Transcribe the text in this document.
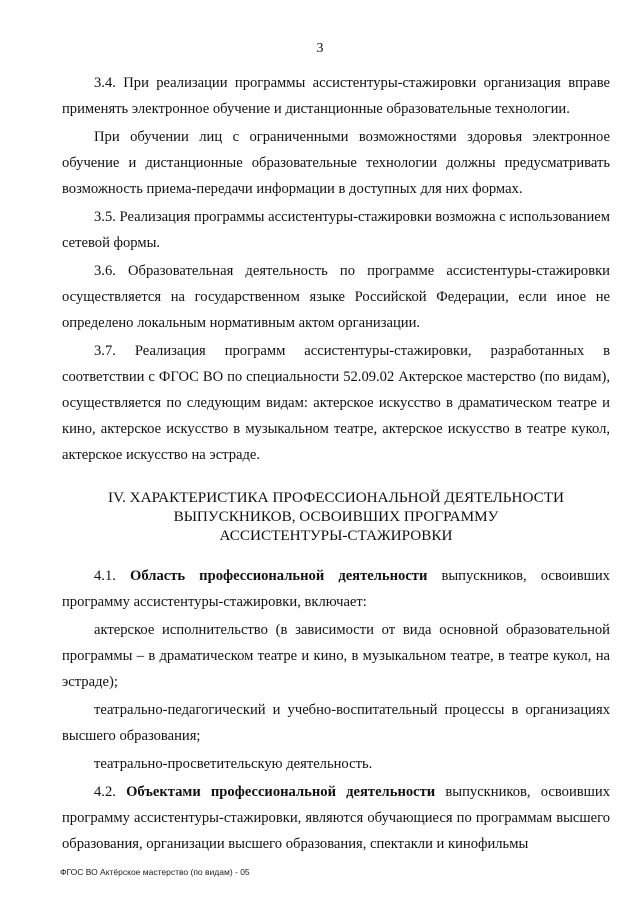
3

3.4. При реализации программы ассистентуры-стажировки организация вправе применять электронное обучение и дистанционные образовательные технологии.

При обучении лиц с ограниченными возможностями здоровья электронное обучение и дистанционные образовательные технологии должны предусматривать возможность приема-передачи информации в доступных для них формах.

3.5. Реализация программы ассистентуры-стажировки возможна с использованием сетевой формы.

3.6. Образовательная деятельность по программе ассистентуры-стажировки осуществляется на государственном языке Российской Федерации, если иное не определено локальным нормативным актом организации.

3.7. Реализация программ ассистентуры-стажировки, разработанных в соответствии с ФГОС ВО по специальности 52.09.02 Актерское мастерство (по видам), осуществляется по следующим видам: актерское искусство в драматическом театре и кино, актерское искусство в музыкальном театре, актерское искусство в театре кукол, актерское искусство на эстраде.

IV. ХАРАКТЕРИСТИКА ПРОФЕССИОНАЛЬНОЙ ДЕЯТЕЛЬНОСТИ
ВЫПУСКНИКОВ, ОСВОИВШИХ ПРОГРАММУ
АССИСТЕНТУРЫ-СТАЖИРОВКИ

4.1. Область профессиональной деятельности выпускников, освоивших программу ассистентуры-стажировки, включает:

актерское исполнительство (в зависимости от вида основной образовательной программы – в драматическом театре и кино, в музыкальном театре, в театре кукол, на эстраде);

театрально-педагогический и учебно-воспитательный процессы в организациях высшего образования;

театрально-просветительскую деятельность.

4.2. Объектами профессиональной деятельности выпускников, освоивших программу ассистентуры-стажировки, являются обучающиеся по программам высшего образования, организации высшего образования, спектакли и кинофильмы

ФГОС ВО Актёрское мастерство (по видам) - 05
